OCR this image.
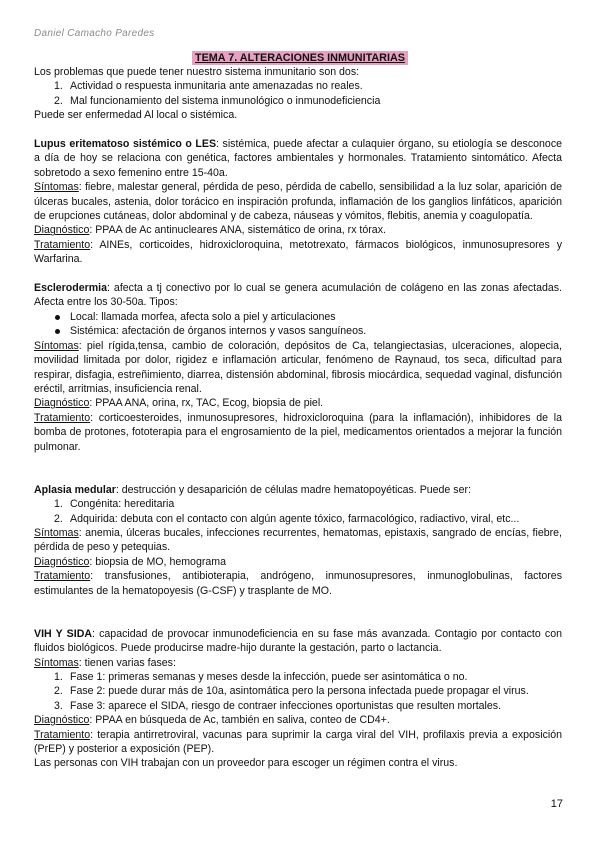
Daniel Camacho Paredes
TEMA 7. ALTERACIONES INMUNITARIAS

Los problemas que puede tener nuestro sistema inmunitario son dos:

1. Actividad o respuesta inmunitaria ante amenazadas no reales.
2. Mal funcionamiento del sistema inmunológico o inmunodeficiencia

Puede ser enfermedad Al local o sistémica.

Lupus eritematoso sistémico o LES: sistémica, puede afectar a culaquier órgano, su etiología se desconoce a día de hoy se relaciona con genética, factores ambientales y hormonales. Tratamiento sintomático. Afecta sobretodo a sexo femenino entre 15-40a.

Síntomas: fiebre, malestar general, pérdida de peso, pérdida de cabello, sensibilidad a la luz solar, aparición de úlceras bucales, astenia, dolor torácico en inspiración profunda, inflamación de los ganglios linfáticos, aparición de erupciones cutáneas, dolor abdominal y de cabeza, náuseas y vómitos, flebitis, anemia y coagulopatía.

Diagnóstico: PPAA de Ac antinucleares ANA, sistemático de orina, rx tórax.

Tratamiento: AINEs, corticoides, hidroxicloroquina, metotrexato, fármacos biológicos, inmunosupresores y Warfarina.

Esclerodermia: afecta a tj conectivo por lo cual se genera acumulación de colágeno en las zonas afectadas. Afecta entre los 30-50a. Tipos:

Local: llamada morfea, afecta solo a piel y articulaciones
Sistémica: afectación de órganos internos y vasos sanguíneos.

Síntomas: piel rígida,tensa, cambio de coloración, depósitos de Ca, telangiectasias, ulceraciones, alopecia, movilidad limitada por dolor, rigidez e inflamación articular, fenómeno de Raynaud, tos seca, dificultad para respirar, disfagia, estreñimiento, diarrea, distensión abdominal, fibrosis miocárdica, sequedad vaginal, disfunción eréctil, arritmias, insuficiencia renal.

Diagnóstico: PPAA ANA, orina, rx, TAC, Ecog, biopsia de piel.

Tratamiento: corticoesteroides, inmunosupresores, hidroxicloroquina (para la inflamación), inhibidores de la bomba de protones, fototerapia para el engrosamiento de la piel, medicamentos orientados a mejorar la función pulmonar.

Aplasia medular: destrucción y desaparición de células madre hematopoyéticas. Puede ser:

1. Congénita: hereditaria
2. Adquirida: debuta con el contacto con algún agente tóxico, farmacológico, radiactivo, viral, etc...

Síntomas: anemia, úlceras bucales, infecciones recurrentes, hematomas, epistaxis, sangrado de encías, fiebre, pérdida de peso y petequias.

Diagnóstico: biopsia de MO, hemograma

Tratamiento: transfusiones, antibioterapia, andrógeno, inmunosupresores, inmunoglobulinas, factores estimulantes de la hematopoyesis (G-CSF) y trasplante de MO.

VIH Y SIDA: capacidad de provocar inmunodeficiencia en su fase más avanzada. Contagio por contacto con fluidos biológicos. Puede producirse madre-hijo durante la gestación, parto o lactancia.

Síntomas: tienen varias fases:

1. Fase 1: primeras semanas y meses desde la infección, puede ser asintomática o no.
2. Fase 2: puede durar más de 10a, asintomática pero la persona infectada puede propagar el virus.
3. Fase 3: aparece el SIDA, riesgo de contraer infecciones oportunistas que resulten mortales.

Diagnóstico: PPAA en búsqueda de Ac, también en saliva, conteo de CD4+.

Tratamiento: terapia antirretroviral, vacunas para suprimir la carga viral del VIH, profilaxis previa a exposición (PrEP) y posterior a exposición (PEP).

Las personas con VIH trabajan con un proveedor para escoger un régimen contra el virus.

17
